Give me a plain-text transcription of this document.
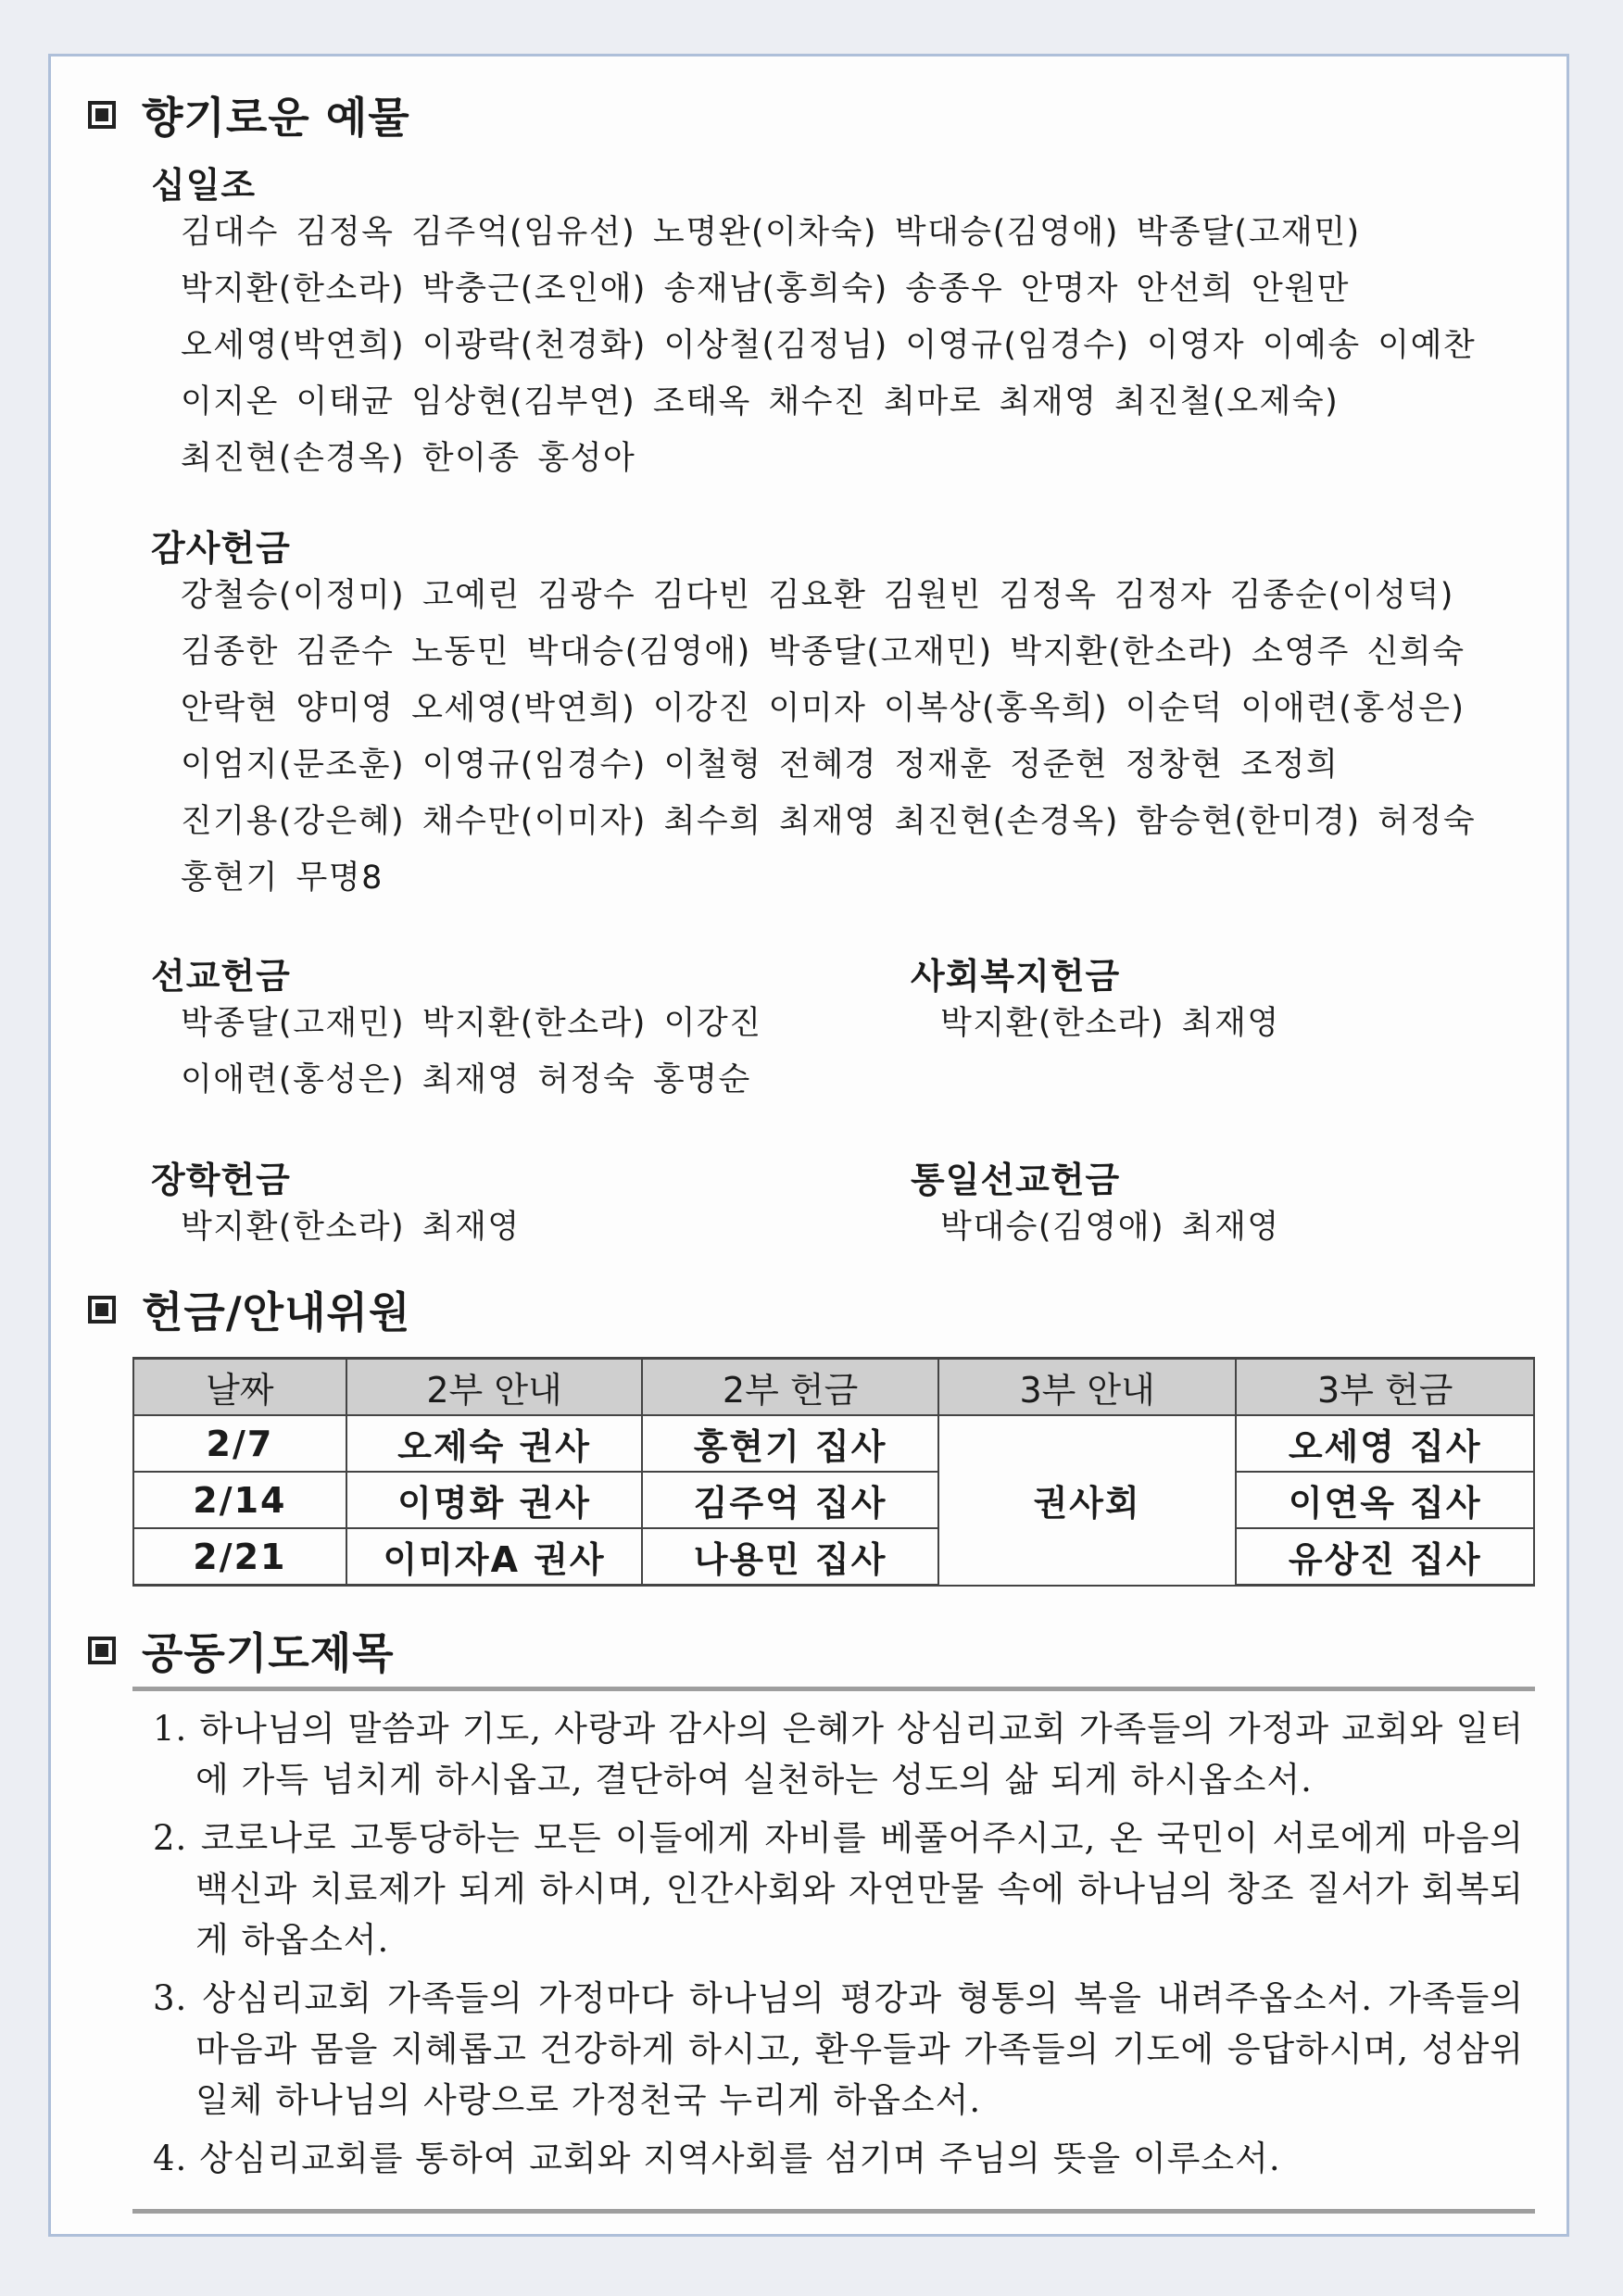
향기로운 예물
십일조
김대수 김정옥 김주억(임유선) 노명완(이차숙) 박대승(김영애) 박종달(고재민)
박지환(한소라) 박충근(조인애) 송재남(홍희숙) 송종우 안명자 안선희 안원만
오세영(박연희) 이광락(천경화) 이상철(김정님) 이영규(임경수) 이영자 이예송 이예찬
이지온 이태균 임상현(김부연) 조태옥 채수진 최마로 최재영 최진철(오제숙)
최진현(손경옥) 한이종 홍성아
감사헌금
강철승(이정미) 고예린 김광수 김다빈 김요환 김원빈 김정옥 김정자 김종순(이성덕)
김종한 김준수 노동민 박대승(김영애) 박종달(고재민) 박지환(한소라) 소영주 신희숙
안락현 양미영 오세영(박연희) 이강진 이미자 이복상(홍옥희) 이순덕 이애련(홍성은)
이엄지(문조훈) 이영규(임경수) 이철형 전혜경 정재훈 정준현 정창현 조정희
진기용(강은혜) 채수만(이미자) 최수희 최재영 최진현(손경옥) 함승현(한미경) 허정숙
홍현기 무명8
선교헌금
박종달(고재민) 박지환(한소라) 이강진
이애련(홍성은) 최재영 허정숙 홍명순
사회복지헌금
박지환(한소라) 최재영
장학헌금
박지환(한소라) 최재영
통일선교헌금
박대승(김영애) 최재영
헌금/안내위원
날짜	2부 안내	2부 헌금	3부 안내	3부 헌금
2/7	오제숙 권사	홍현기 집사	권사회	오세영 집사
2/14	이명화 권사	김주억 집사		이연옥 집사
2/21	이미자A 권사	나용민 집사		유상진 집사
공동기도제목
1. 하나님의 말씀과 기도, 사랑과 감사의 은혜가 상심리교회 가족들의 가정과 교회와 일터에 가득 넘치게 하시옵고, 결단하여 실천하는 성도의 삶 되게 하시옵소서.
2. 코로나로 고통당하는 모든 이들에게 자비를 베풀어주시고, 온 국민이 서로에게 마음의 백신과 치료제가 되게 하시며, 인간사회와 자연만물 속에 하나님의 창조 질서가 회복되게 하옵소서.
3. 상심리교회 가족들의 가정마다 하나님의 평강과 형통의 복을 내려주옵소서. 가족들의 마음과 몸을 지혜롭고 건강하게 하시고, 환우들과 가족들의 기도에 응답하시며, 성삼위일체 하나님의 사랑으로 가정천국 누리게 하옵소서.
4. 상심리교회를 통하여 교회와 지역사회를 섬기며 주님의 뜻을 이루소서.
